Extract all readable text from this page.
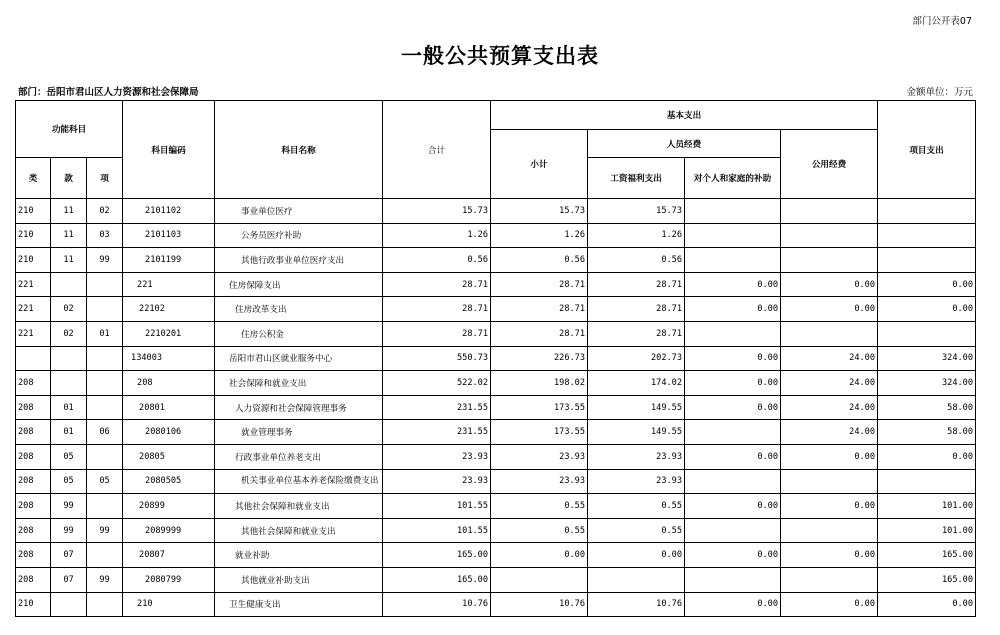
部门公开表07
一般公共预算支出表
部门：岳阳市君山区人力资源和社会保障局	金额单位：万元
功能科目			科目编码	科目名称	合计	基本支出				项目支出
						小计	人员经费		公用经费	
类	款	项					工资福利支出	对个人和家庭的补助		
210	11	02	2101102	事业单位医疗	15.73	15.73	15.73			
210	11	03	2101103	公务员医疗补助	1.26	1.26	1.26			
210	11	99	2101199	其他行政事业单位医疗支出	0.56	0.56	0.56			
221			221	住房保障支出	28.71	28.71	28.71	0.00	0.00	0.00
221	02		22102	住房改革支出	28.71	28.71	28.71	0.00	0.00	0.00
221	02	01	2210201	住房公积金	28.71	28.71	28.71			
			134003	岳阳市君山区就业服务中心	550.73	226.73	202.73	0.00	24.00	324.00
208			208	社会保障和就业支出	522.02	198.02	174.02	0.00	24.00	324.00
208	01		20801	人力资源和社会保障管理事务	231.55	173.55	149.55	0.00	24.00	58.00
208	01	06	2080106	就业管理事务	231.55	173.55	149.55		24.00	58.00
208	05		20805	行政事业单位养老支出	23.93	23.93	23.93	0.00	0.00	0.00
208	05	05	2080505	机关事业单位基本养老保险缴费支出	23.93	23.93	23.93			
208	99		20899	其他社会保障和就业支出	101.55	0.55	0.55	0.00	0.00	101.00
208	99	99	2089999	其他社会保障和就业支出	101.55	0.55	0.55			101.00
208	07		20807	就业补助	165.00	0.00	0.00	0.00	0.00	165.00
208	07	99	2080799	其他就业补助支出	165.00					165.00
210			210	卫生健康支出	10.76	10.76	10.76	0.00	0.00	0.00
